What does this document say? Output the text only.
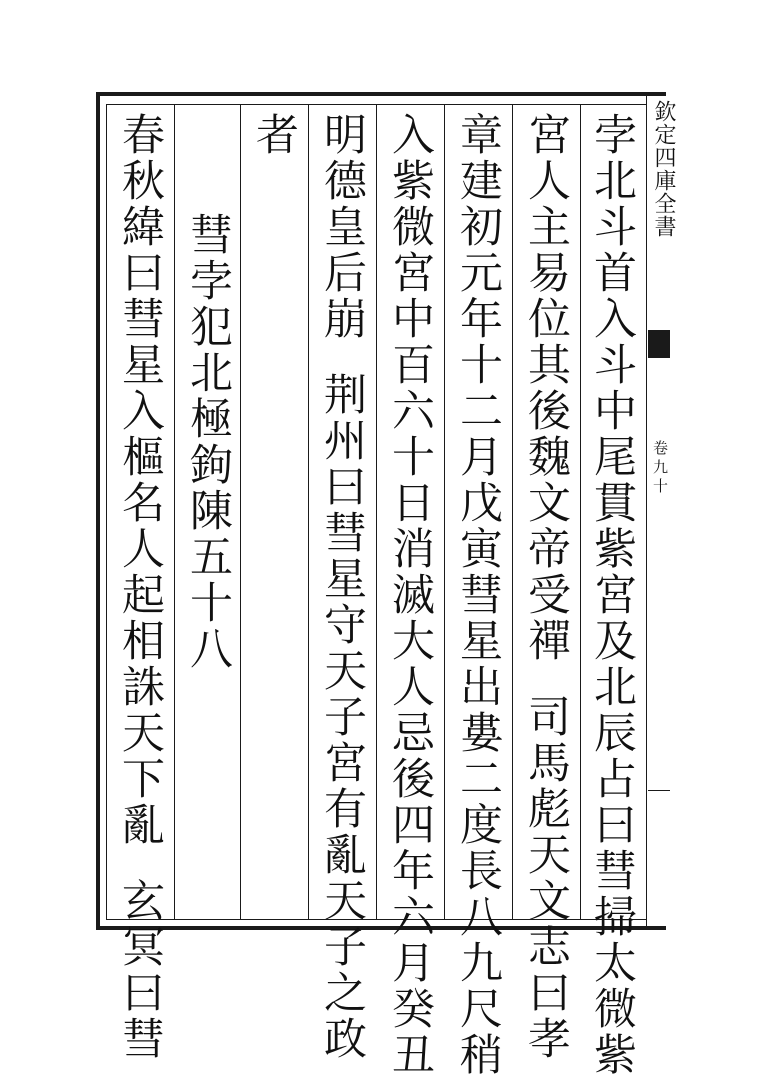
欽定四庫全書
卷九十
孛北斗首入斗中尾貫紫宮及北辰占曰彗掃太微紫
宮人主易位其後魏文帝受禪司馬彪天文志曰孝
章建初元年十二月戊寅彗星出婁二度長八九尺稍
入紫微宮中百六十日消滅大人忌後四年六月癸丑
明德皇后崩荆州曰彗星守天子宮有亂天子之政
者
彗孛犯北極鉤陳五十八
春秋緯曰彗星入樞名人起相誅天下亂玄冥曰彗
